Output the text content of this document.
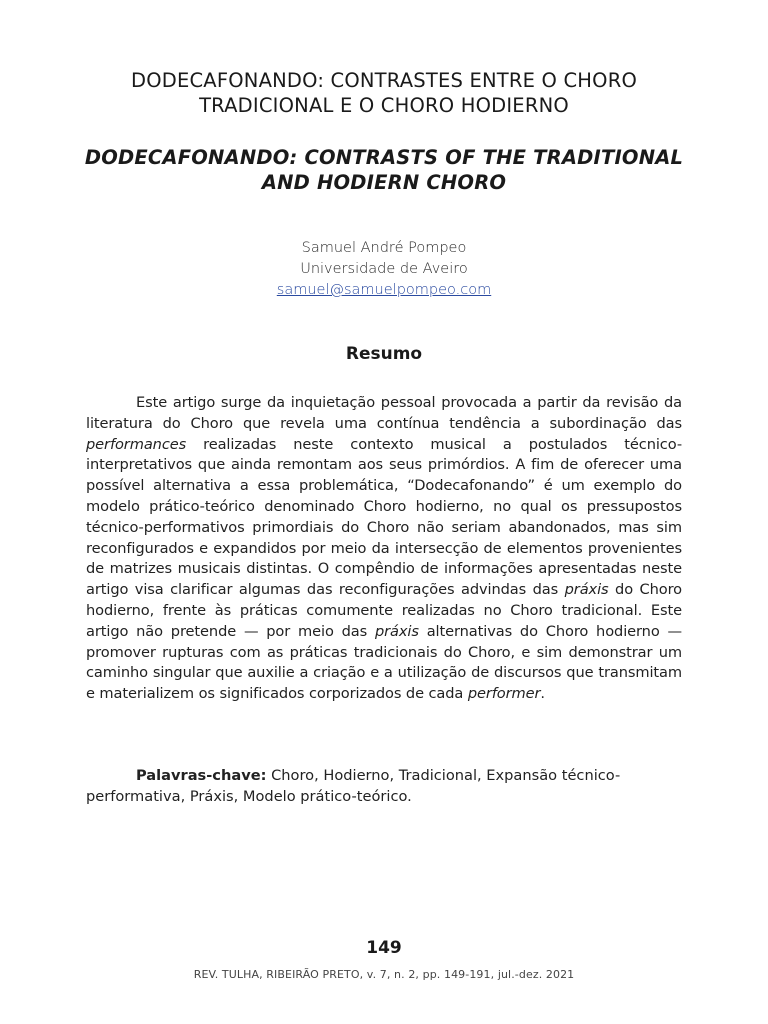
DODECAFONANDO: CONTRASTES ENTRE O CHORO
TRADICIONAL E O CHORO HODIERNO
DODECAFONANDO: CONTRASTS OF THE TRADITIONAL
AND HODIERN CHORO
Samuel André Pompeo
Universidade de Aveiro
samuel@samuelpompeo.com
Resumo

Este artigo surge da inquietação pessoal provocada a partir da revisão da literatura do Choro que revela uma contínua tendência a subordinação das performances realizadas neste contexto musical a postulados técnico-interpretativos que ainda remontam aos seus primórdios. A fim de oferecer uma possível alternativa a essa problemática, “Dodecafonando” é um exemplo do modelo prático-teórico denominado Choro hodierno, no qual os pressupostos técnico-performativos primordiais do Choro não seriam abandonados, mas sim reconfigurados e expandidos por meio da intersecção de elementos provenientes de matrizes musicais distintas. O compêndio de informações apresentadas neste artigo visa clarificar algumas das reconfigurações advindas das práxis do Choro hodierno, frente às práticas comumente realizadas no Choro tradicional. Este artigo não pretende — por meio das práxis alternativas do Choro hodierno — promover rupturas com as práticas tradicionais do Choro, e sim demonstrar um caminho singular que auxilie a criação e a utilização de discursos que transmitam e materializem os significados corporizados de cada performer.

Palavras-chave: Choro, Hodierno, Tradicional, Expansão técnico-performativa, Práxis, Modelo prático-teórico.

149
REV. TULHA, RIBEIRÃO PRETO, v. 7, n. 2, pp. 149-191, jul.-dez. 2021
